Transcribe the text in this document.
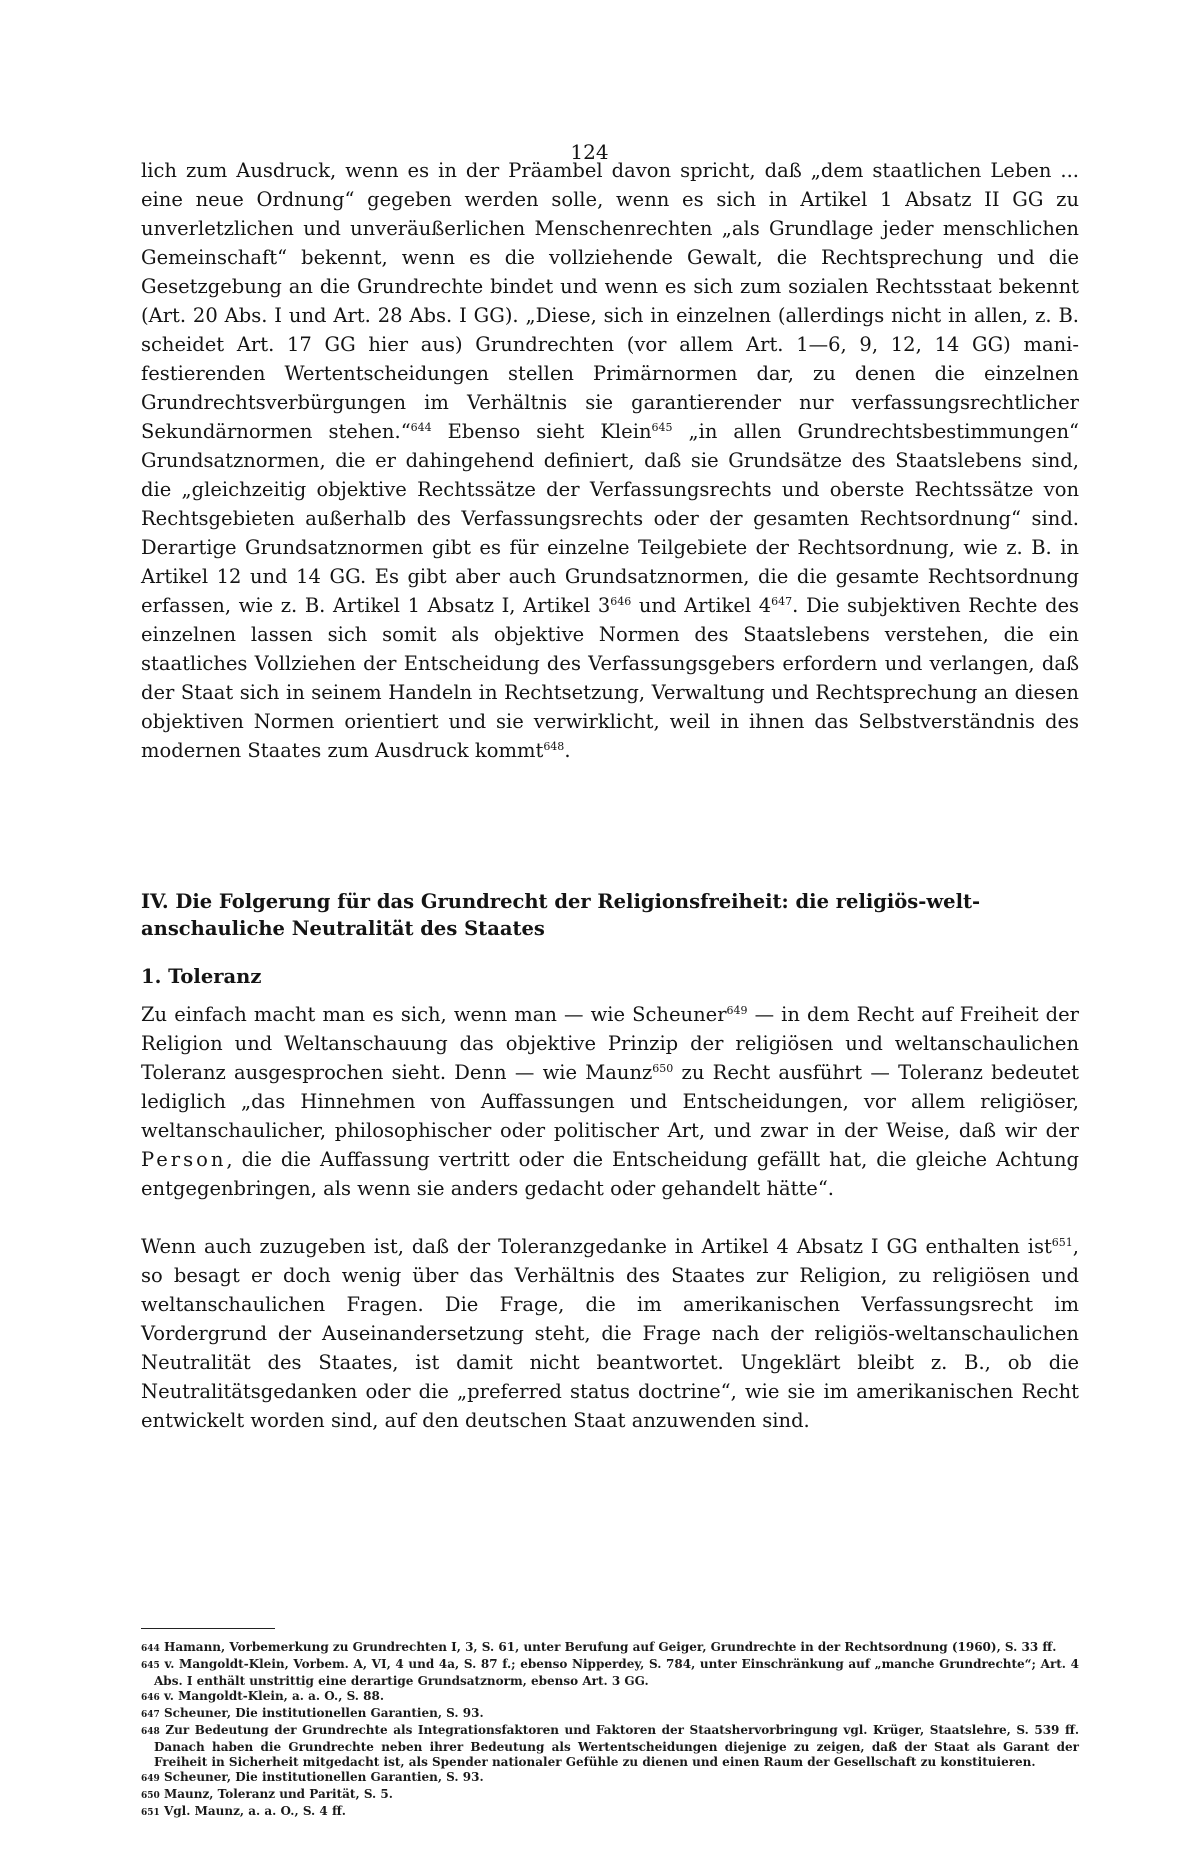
124

lich zum Ausdruck, wenn es in der Präambel davon spricht, daß „dem staatlichen Leben ... eine neue Ordnung“ gegeben werden solle, wenn es sich in Artikel 1 Absatz II GG zu unverletzlichen und unveräußerlichen Menschenrechten „als Grundlage jeder menschlichen Gemeinschaft“ bekennt, wenn es die vollziehende Gewalt, die Rechtsprechung und die Gesetzgebung an die Grundrechte bindet und wenn es sich zum sozialen Rechtsstaat bekennt (Art. 20 Abs. I und Art. 28 Abs. I GG). „Diese, sich in einzelnen (allerdings nicht in allen, z. B. scheidet Art. 17 GG hier aus) Grundrechten (vor allem Art. 1—6, 9, 12, 14 GG) manifestierenden Wertentscheidungen stellen Primärnormen dar, zu denen die einzelnen Grundrechtsverbürgungen im Verhältnis sie garantierender nur verfassungsrechtlicher Sekundärnormen stehen.“$^{644}$ Ebenso sieht Klein$^{645}$ „in allen Grundrechtsbestimmungen“ Grundsatznormen, die er dahingehend definiert, daß sie Grundsätze des Staatslebens sind, die „gleichzeitig objektive Rechtssätze der Verfassungsrechts und oberste Rechtssätze von Rechtsgebieten außerhalb des Verfassungsrechts oder der gesamten Rechtsordnung“ sind. Derartige Grundsatznormen gibt es für einzelne Teilgebiete der Rechtsordnung, wie z. B. in Artikel 12 und 14 GG. Es gibt aber auch Grundsatznormen, die die gesamte Rechtsordnung erfassen, wie z. B. Artikel 1 Absatz I, Artikel $3^{646}$ und Artikel $4^{647}$. Die subjektiven Rechte des einzelnen lassen sich somit als objektive Normen des Staatslebens verstehen, die ein staatliches Vollziehen der Entscheidung des Verfassungsgebers erfordern und verlangen, daß der Staat sich in seinem Handeln in Rechtsetzung, Verwaltung und Rechtsprechung an diesen objektiven Normen orientiert und sie verwirklicht, weil in ihnen das Selbstverständnis des modernen Staates zum Ausdruck kommt$^{648}$.

IV. Die Folgerung für das Grundrecht der Religionsfreiheit: die religiös-weltanschauliche Neutralität des Staates
1. Toleranz

Zu einfach macht man es sich, wenn man — wie Scheuner$^{649}$ — in dem Recht auf Freiheit der Religion und Weltanschauung das objektive Prinzip der religiösen und weltanschaulichen Toleranz ausgesprochen sieht. Denn — wie Maunz$^{650}$ zu Recht ausführt — Toleranz bedeutet lediglich „das Hinnehmen von Auffassungen und Entscheidungen, vor allem religiöser, weltanschaulicher, philosophischer oder politischer Art, und zwar in der Weise, daß wir der Person, die die Auffassung vertritt oder die Entscheidung gefällt hat, die gleiche Achtung entgegenbringen, als wenn sie anders gedacht oder gehandelt hätte“.

Wenn auch zuzugeben ist, daß der Toleranzgedanke in Artikel 4 Absatz I GG enthalten ist$^{651}$, so besagt er doch wenig über das Verhältnis des Staates zur Religion, zu religiösen und weltanschaulichen Fragen. Die Frage, die im amerikanischen Verfassungsrecht im Vordergrund der Auseinandersetzung steht, die Frage nach der religiös-weltanschaulichen Neutralität des Staates, ist damit nicht beantwortet. Ungeklärt bleibt z. B., ob die Neutralitätsgedanken oder die „preferred status doctrine“, wie sie im amerikanischen Recht entwickelt worden sind, auf den deutschen Staat anzuwenden sind.

644 Hamann, Vorbemerkung zu Grundrechten I, 3, S. 61, unter Berufung auf Geiger, Grundrechte in der Rechtsordnung (1960), S. 33 ff.
645 v. Mangoldt-Klein, Vorbem. A, VI, 4 und 4a, S. 87 f.; ebenso Nipperdey, S. 784, unter Einschränkung auf „manche Grundrechte“; Art. 4 Abs. I enthält unstrittig eine derartige Grundsatznorm, ebenso Art. 3 GG.
646 v. Mangoldt-Klein, a. a. O., S. 88.
647 Scheuner, Die institutionellen Garantien, S. 93.
648 Zur Bedeutung der Grundrechte als Integrationsfaktoren und Faktoren der Staatshervorbringung vgl. Krüger, Staatslehre, S. 539 ff. Danach haben die Grundrechte neben ihrer Bedeutung als Wertentscheidungen diejenige zu zeigen, daß der Staat als Garant der Freiheit in Sicherheit mitgedacht ist, als Spender nationaler Gefühle zu dienen und einen Raum der Gesellschaft zu konstituieren.
649 Scheuner, Die institutionellen Garantien, S. 93.
650 Maunz, Toleranz und Parität, S. 5.
651 Vgl. Maunz, a. a. O., S. 4 ff.
